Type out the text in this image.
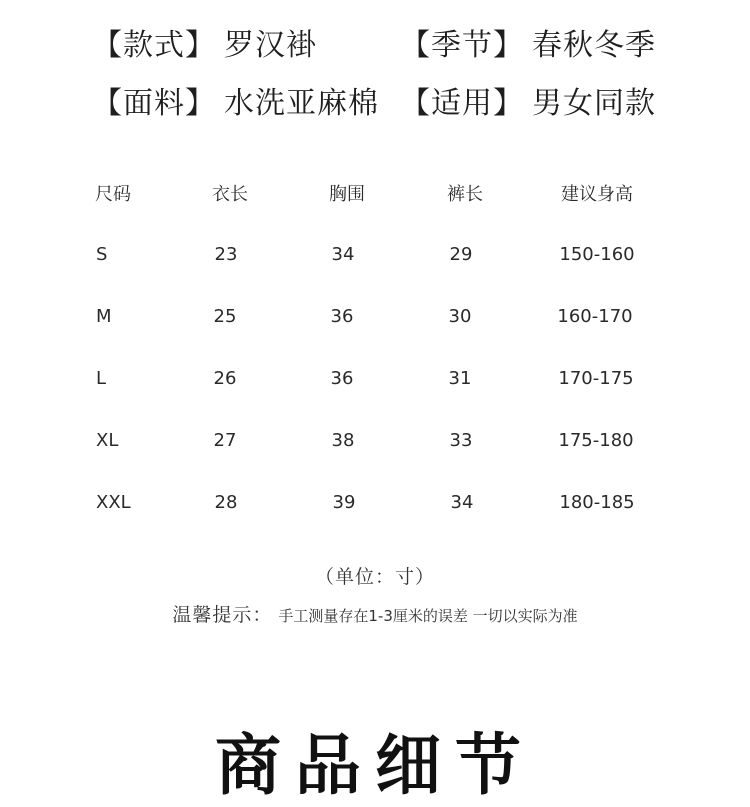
【款式】 罗汉褂	【季节】 春秋冬季
【面料】 水洗亚麻棉 【适用】 男女同款
尺码	衣长	胸围	裤长	建议身高
S	23	34	29	150-160
M	25	36	30	160-170
L	26	36	31	170-175
XL	27	38	33	175-180
XXL	28	39	34	180-185
（单位：寸）
温馨提示： 手工测量存在1-3厘米的误差 一切以实际为准
商品细节
